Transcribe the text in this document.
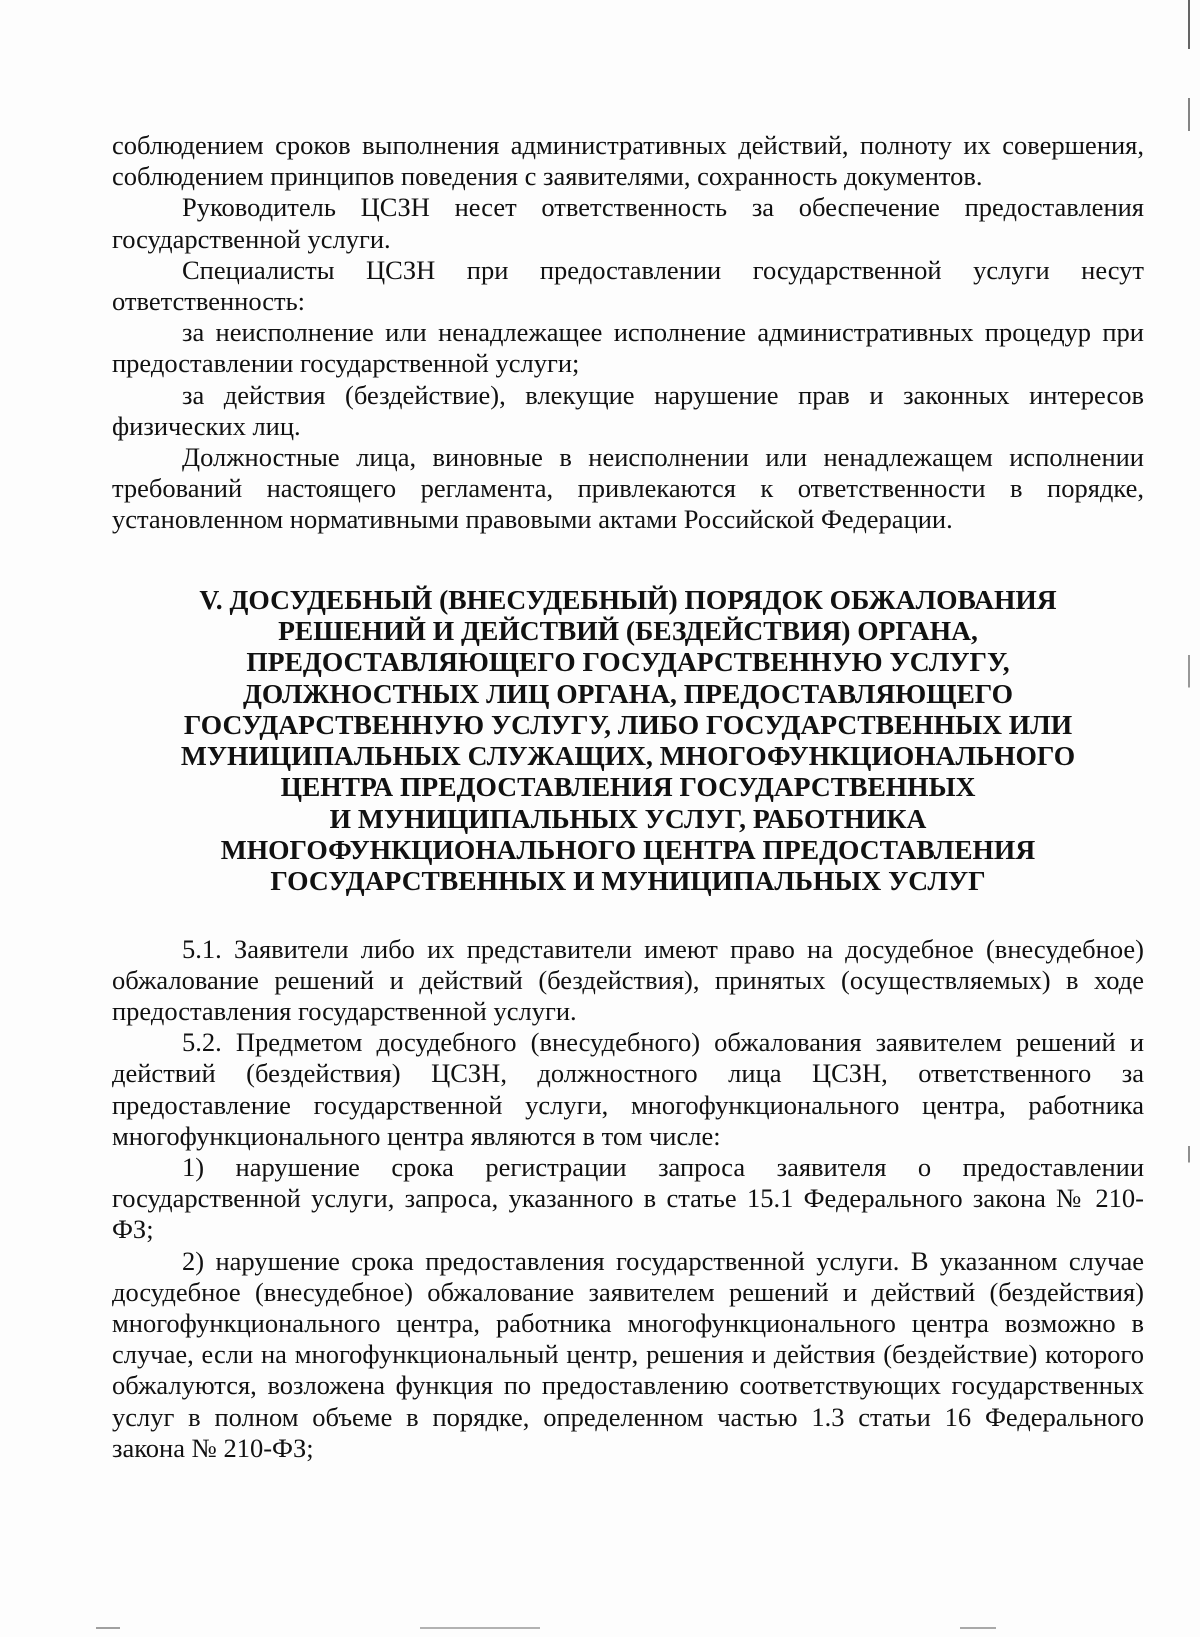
соблюдением сроков выполнения административных действий, полноту их совершения, соблюдением принципов поведения с заявителями, сохранность документов.

Руководитель ЦСЗН несет ответственность за обеспечение предоставления государственной услуги.

Специалисты ЦСЗН при предоставлении государственной услуги несут ответственность:

за неисполнение или ненадлежащее исполнение административных процедур при предоставлении государственной услуги;

за действия (бездействие), влекущие нарушение прав и законных интересов физических лиц.

Должностные лица, виновные в неисполнении или ненадлежащем исполнении требований настоящего регламента, привлекаются к ответственности в порядке, установленном нормативными правовыми актами Российской Федерации.

V. ДОСУДЕБНЫЙ (ВНЕСУДЕБНЫЙ) ПОРЯДОК ОБЖАЛОВАНИЯ
РЕШЕНИЙ И ДЕЙСТВИЙ (БЕЗДЕЙСТВИЯ) ОРГАНА,
ПРЕДОСТАВЛЯЮЩЕГО ГОСУДАРСТВЕННУЮ УСЛУГУ,
ДОЛЖНОСТНЫХ ЛИЦ ОРГАНА, ПРЕДОСТАВЛЯЮЩЕГО
ГОСУДАРСТВЕННУЮ УСЛУГУ, ЛИБО ГОСУДАРСТВЕННЫХ ИЛИ
МУНИЦИПАЛЬНЫХ СЛУЖАЩИХ, МНОГОФУНКЦИОНАЛЬНОГО
ЦЕНТРА ПРЕДОСТАВЛЕНИЯ ГОСУДАРСТВЕННЫХ
И МУНИЦИПАЛЬНЫХ УСЛУГ, РАБОТНИКА
МНОГОФУНКЦИОНАЛЬНОГО ЦЕНТРА ПРЕДОСТАВЛЕНИЯ
ГОСУДАРСТВЕННЫХ И МУНИЦИПАЛЬНЫХ УСЛУГ

5.1. Заявители либо их представители имеют право на досудебное (внесудебное) обжалование решений и действий (бездействия), принятых (осуществляемых) в ходе предоставления государственной услуги.

5.2. Предметом досудебного (внесудебного) обжалования заявителем решений и действий (бездействия) ЦСЗН, должностного лица ЦСЗН, ответственного за предоставление государственной услуги, многофункционального центра, работника многофункционального центра являются в том числе:

1) нарушение срока регистрации запроса заявителя о предоставлении государственной услуги, запроса, указанного в статье 15.1 Федерального закона № 210-ФЗ;

2) нарушение срока предоставления государственной услуги. В указанном случае досудебное (внесудебное) обжалование заявителем решений и действий (бездействия) многофункционального центра, работника многофункционального центра возможно в случае, если на многофункциональный центр, решения и действия (бездействие) которого обжалуются, возложена функция по предоставлению соответствующих государственных услуг в полном объеме в порядке, определенном частью 1.3 статьи 16 Федерального закона № 210-ФЗ;
